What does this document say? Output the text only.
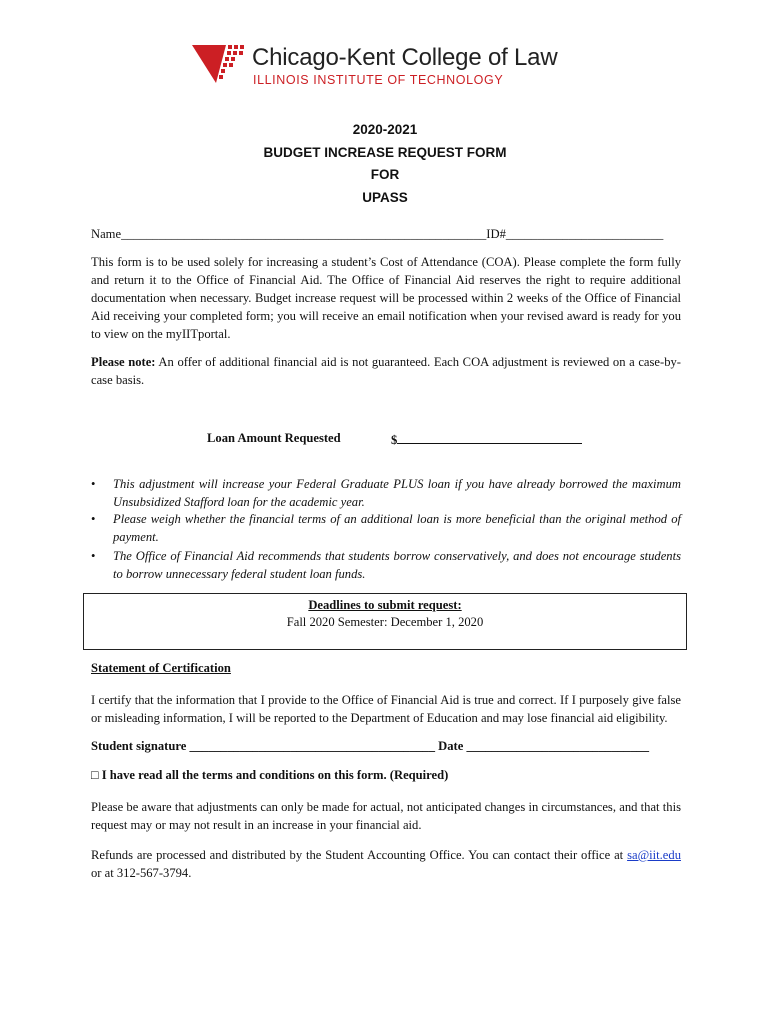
Chicago-Kent College of Law
ILLINOIS INSTITUTE OF TECHNOLOGY
2020-2021
BUDGET INCREASE REQUEST FORM
FOR
UPASS
Name__________________________________________________________ID#_________________________
This form is to be used solely for increasing a student’s Cost of Attendance (COA). Please complete the form fully and return it to the Office of Financial Aid. The Office of Financial Aid reserves the right to require additional documentation when necessary. Budget increase request will be processed within 2 weeks of the Office of Financial Aid receiving your completed form; you will receive an email notification when your revised award is ready for you to view on the myIITportal.
Please note: An offer of additional financial aid is not guaranteed. Each COA adjustment is reviewed on a case-by-case basis.
Loan Amount Requested	$
• This adjustment will increase your Federal Graduate PLUS loan if you have already borrowed the maximum Unsubsidized Stafford loan for the academic year.
• Please weigh whether the financial terms of an additional loan is more beneficial than the original method of payment.
• The Office of Financial Aid recommends that students borrow conservatively, and does not encourage students to borrow unnecessary federal student loan funds.
Deadlines to submit request:
Fall 2020 Semester: December 1, 2020
Statement of Certification
I certify that the information that I provide to the Office of Financial Aid is true and correct. If I purposely give false or misleading information, I will be reported to the Department of Education and may lose financial aid eligibility.
Student signature _______________________________________ Date _____________________________
□ I have read all the terms and conditions on this form. (Required)
Please be aware that adjustments can only be made for actual, not anticipated changes in circumstances, and that this request may or may not result in an increase in your financial aid.
Refunds are processed and distributed by the Student Accounting Office. You can contact their office at sa@iit.edu or at 312-567-3794.
